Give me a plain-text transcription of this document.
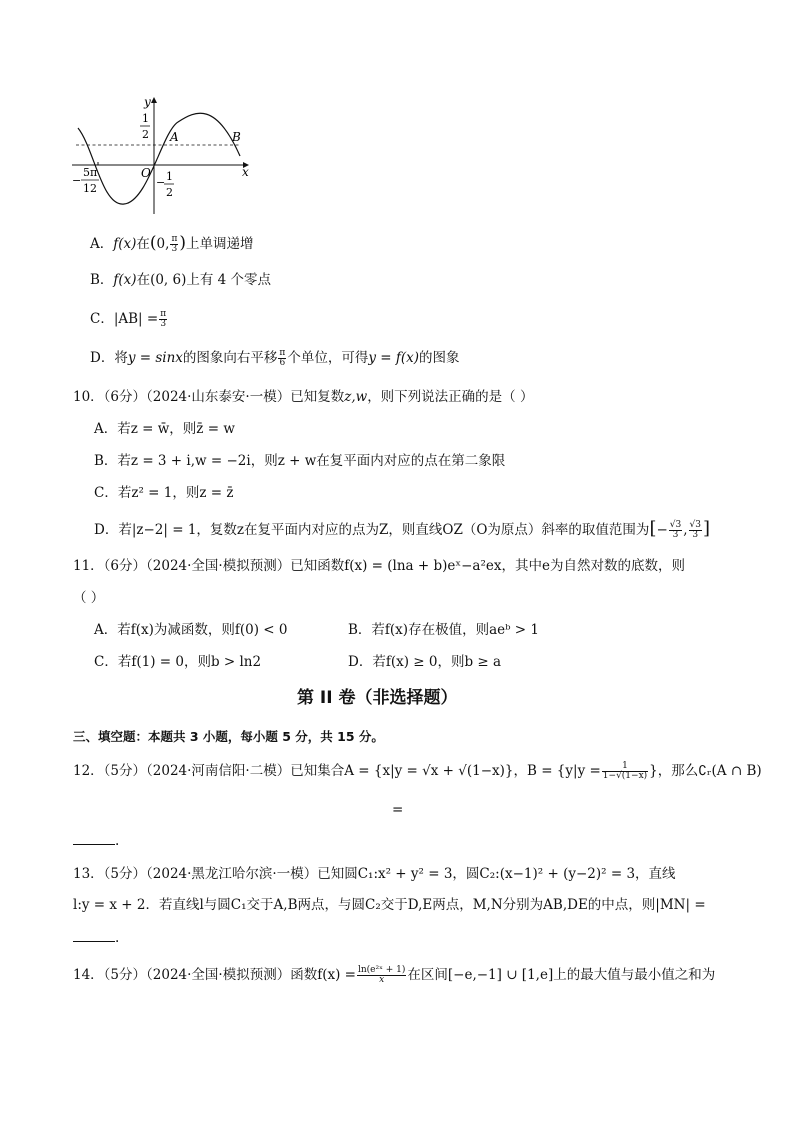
y
x
O
A	B
1
2
− 1
2
−
5π
12
A．f(x)在(0, $\frac{\pi}{3}$ )上单调递增
B．f(x)在(0, 6)上有 4 个零点
C．$|AB| = \frac{\pi}{3}$
D．将y = sinx的图象向右平移 $\frac{\pi}{6}$ 个单位，可得y = f(x)的图象
10．（6分）（2024·山东泰安·一模）已知复数z,w，则下列说法正确的是（ ）
A．若z = w̄，则z̄ = w
B．若z = 3 + i,w = −2i，则z + w在复平面内对应的点在第二象限
C．若z² = 1，则z = z̄
D．若|z−2| = 1，复数z在复平面内对应的点为Z，则直线OZ（O为原点）斜率的取值范围为[− $\frac{√3}{3}$ , $\frac{√3}{3}$ ]
11．（6分）（2024·全国·模拟预测）已知函数f(x) = (lna + b)eˣ−a²ex，其中e为自然对数的底数，则
（ ）
A．若f(x)为减函数，则f(0) < 0	B．若f(x)存在极值，则aeᵇ > 1
C．若f(1) = 0，则b > ln2	D．若f(x) ≥ 0，则b ≥ a
第 II 卷（非选择题）
三、填空题：本题共 3 小题，每小题 5 分，共 15 分。
12．（5分）（2024·河南信阳·二模）已知集合A = {x|y = √x + √(1−x)}，$B = \{y|y = \frac{1}{1-√(1-x)}$ }，那么∁ᵣ(A ∩ B)
=
.
13．（5分）（2024·黑龙江哈尔滨·一模）已知圆C₁:x² + y² = 3，圆C₂:(x−1)² + (y−2)² = 3，直线
l:y = x + 2．若直线l与圆C₁交于A,B两点，与圆C₂交于D,E两点，M,N分别为AB,DE的中点，则|MN| =
.
14．（5分）（2024·全国·模拟预测）函数$f(x) = \frac{\text{ln(e²ˣ + 1)}}{x}$ 在区间[−e,−1] ∪ [1,e]上的最大值与最小值之和为
